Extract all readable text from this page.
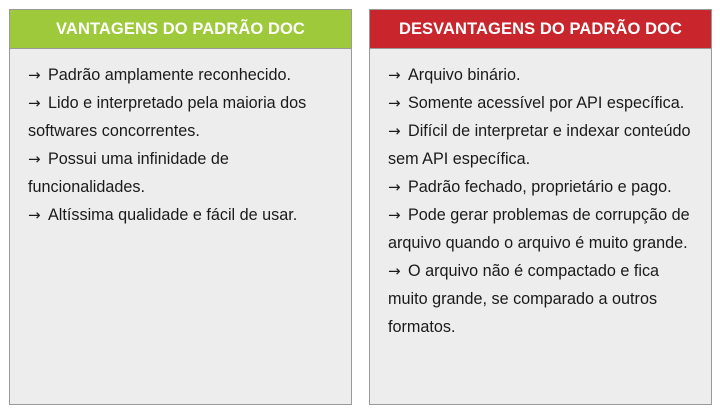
VANTAGENS DO PADRÃO DOC
→ Padrão amplamente reconhecido.
→ Lido e interpretado pela maioria dos softwares concorrentes.
→ Possui uma infinidade de funcionalidades.
→ Altíssima qualidade e fácil de usar.
DESVANTAGENS DO PADRÃO DOC
→ Arquivo binário.
→ Somente acessível por API específica.
→ Difícil de interpretar e indexar conteúdo sem API específica.
→ Padrão fechado, proprietário e pago.
→ Pode gerar problemas de corrupção de arquivo quando o arquivo é muito grande.
→ O arquivo não é compactado e fica muito grande, se comparado a outros formatos.
